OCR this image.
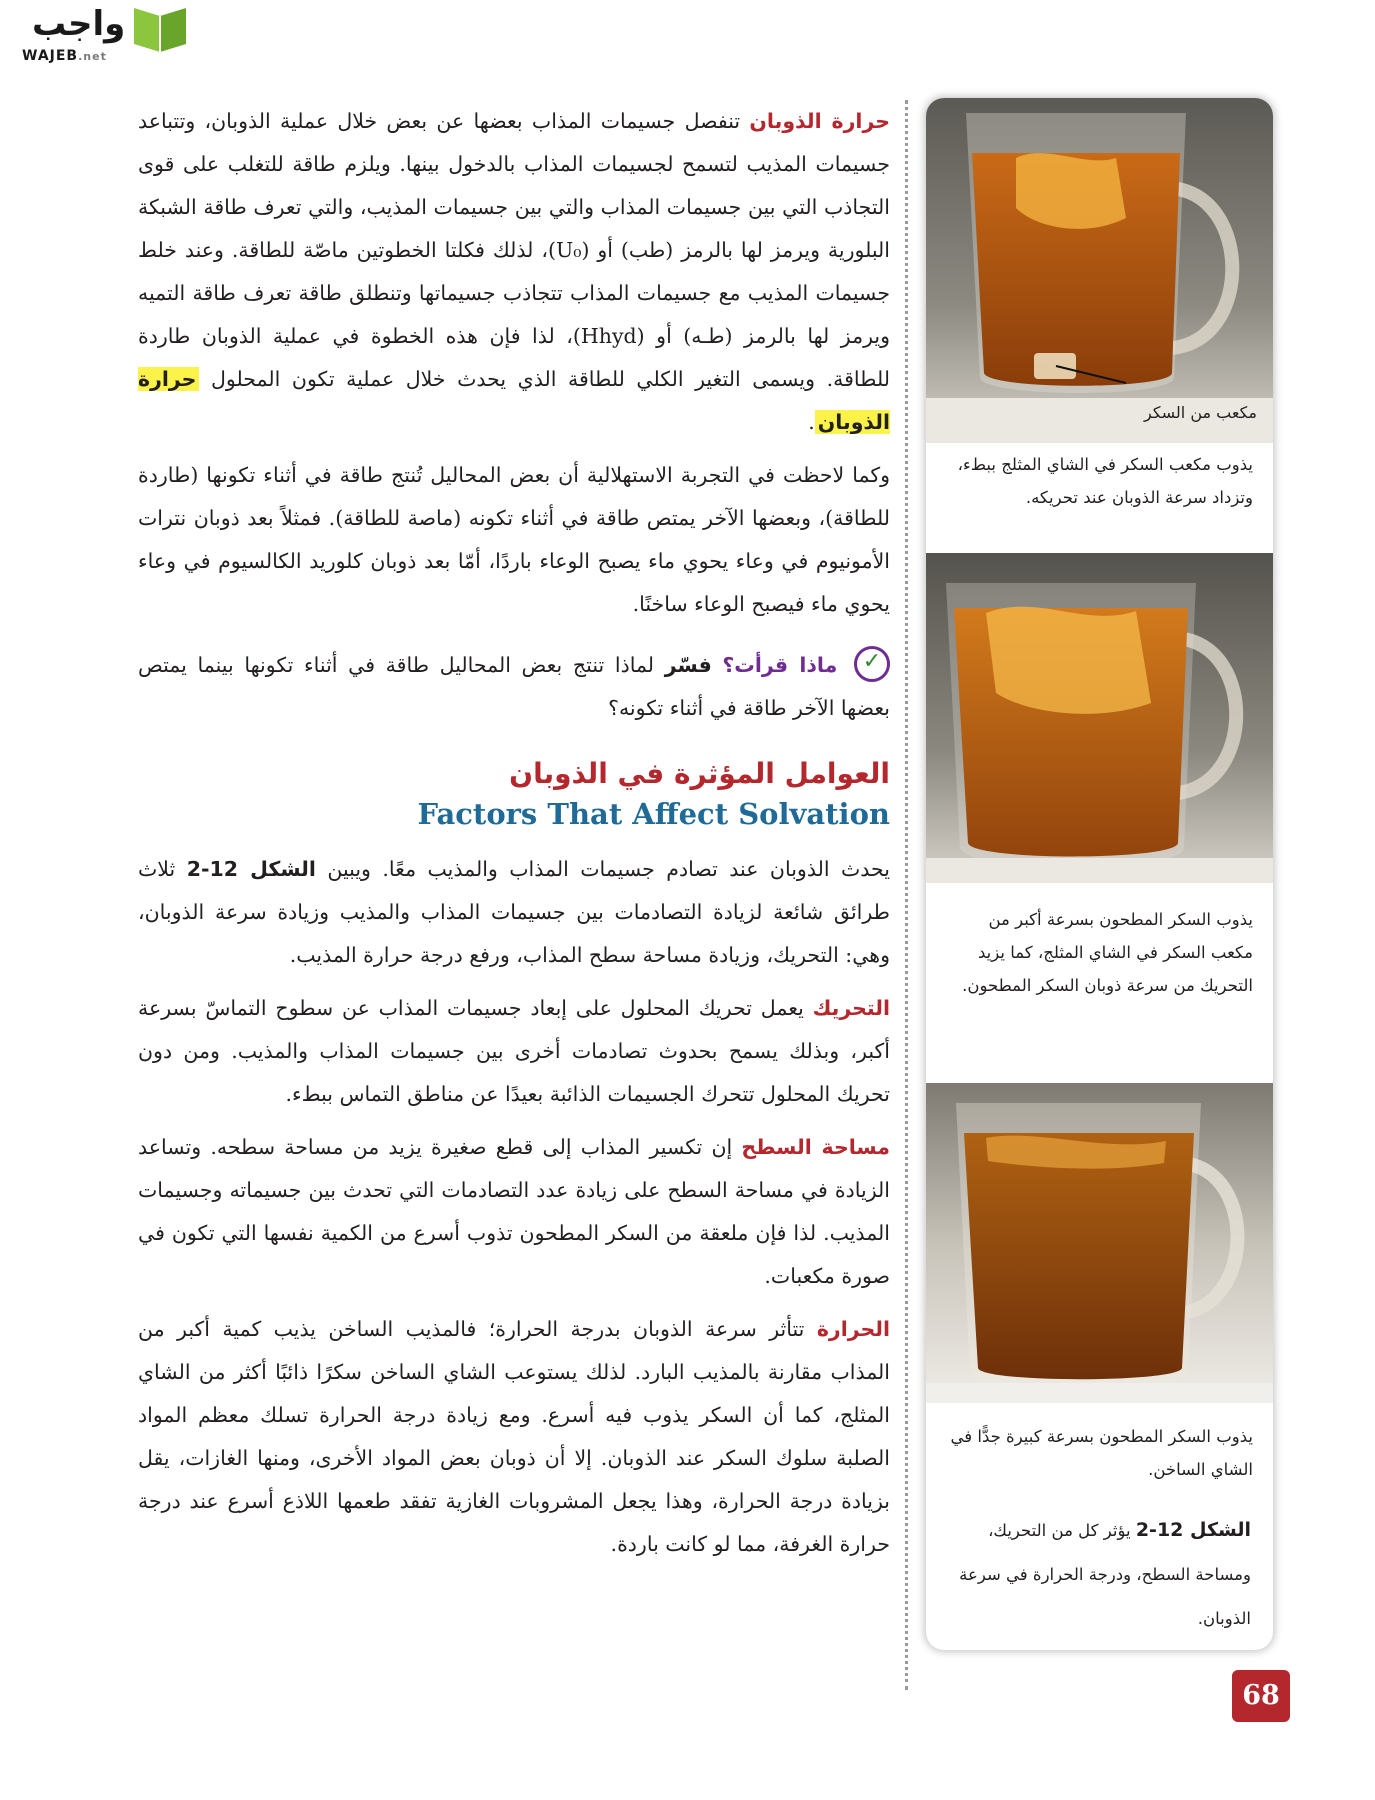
واجب
WAJEB.net

حرارة الذوبان تنفصل جسيمات المذاب بعضها عن بعض خلال عملية الذوبان، وتتباعد جسيمات المذيب لتسمح لجسيمات المذاب بالدخول بينها. ويلزم طاقة للتغلب على قوى التجاذب التي بين جسيمات المذاب والتي بين جسيمات المذيب، والتي تعرف طاقة الشبكة البلورية ويرمز لها بالرمز (طب) أو (U₀)، لذلك فكلتا الخطوتين ماصّة للطاقة. وعند خلط جسيمات المذيب مع جسيمات المذاب تتجاذب جسيماتها وتنطلق طاقة تعرف طاقة التميه ويرمز لها بالرمز (طـه) أو (Hhyd)، لذا فإن هذه الخطوة في عملية الذوبان طاردة للطاقة. ويسمى التغير الكلي للطاقة الذي يحدث خلال عملية تكون المحلول حرارة الذوبان.

وكما لاحظت في التجربة الاستهلالية أن بعض المحاليل تُنتج طاقة في أثناء تكونها (طاردة للطاقة)، وبعضها الآخر يمتص طاقة في أثناء تكونه (ماصة للطاقة). فمثلاً بعد ذوبان نترات الأمونيوم في وعاء يحوي ماء يصبح الوعاء باردًا، أمّا بعد ذوبان كلوريد الكالسيوم في وعاء يحوي ماء فيصبح الوعاء ساخنًا.

✓ ماذا قرأت؟ فسّر لماذا تنتج بعض المحاليل طاقة في أثناء تكونها بينما يمتص بعضها الآخر طاقة في أثناء تكونه؟

العوامل المؤثرة في الذوبان
Factors That Affect Solvation

يحدث الذوبان عند تصادم جسيمات المذاب والمذيب معًا. ويبين الشكل 12-2 ثلاث طرائق شائعة لزيادة التصادمات بين جسيمات المذاب والمذيب وزيادة سرعة الذوبان، وهي: التحريك، وزيادة مساحة سطح المذاب، ورفع درجة حرارة المذيب.

التحريك يعمل تحريك المحلول على إبعاد جسيمات المذاب عن سطوح التماسّ بسرعة أكبر، وبذلك يسمح بحدوث تصادمات أخرى بين جسيمات المذاب والمذيب. ومن دون تحريك المحلول تتحرك الجسيمات الذائبة بعيدًا عن مناطق التماس ببطء.

مساحة السطح إن تكسير المذاب إلى قطع صغيرة يزيد من مساحة سطحه. وتساعد الزيادة في مساحة السطح على زيادة عدد التصادمات التي تحدث بين جسيماته وجسيمات المذيب. لذا فإن ملعقة من السكر المطحون تذوب أسرع من الكمية نفسها التي تكون في صورة مكعبات.

الحرارة تتأثر سرعة الذوبان بدرجة الحرارة؛ فالمذيب الساخن يذيب كمية أكبر من المذاب مقارنة بالمذيب البارد. لذلك يستوعب الشاي الساخن سكرًا ذائبًا أكثر من الشاي المثلج، كما أن السكر يذوب فيه أسرع. ومع زيادة درجة الحرارة تسلك معظم المواد الصلبة سلوك السكر عند الذوبان. إلا أن ذوبان بعض المواد الأخرى، ومنها الغازات، يقل بزيادة درجة الحرارة، وهذا يجعل المشروبات الغازية تفقد طعمها اللاذع أسرع عند درجة حرارة الغرفة، مما لو كانت باردة.

مكعب من السكر
يذوب مكعب السكر في الشاي المثلج ببطء، وتزداد سرعة الذوبان عند تحريكه.
يذوب السكر المطحون بسرعة أكبر من مكعب السكر في الشاي المثلج، كما يزيد التحريك من سرعة ذوبان السكر المطحون.
يذوب السكر المطحون بسرعة كبيرة جدًّا في الشاي الساخن.
الشكل 12-2 يؤثر كل من التحريك، ومساحة السطح، ودرجة الحرارة في سرعة الذوبان.
68
